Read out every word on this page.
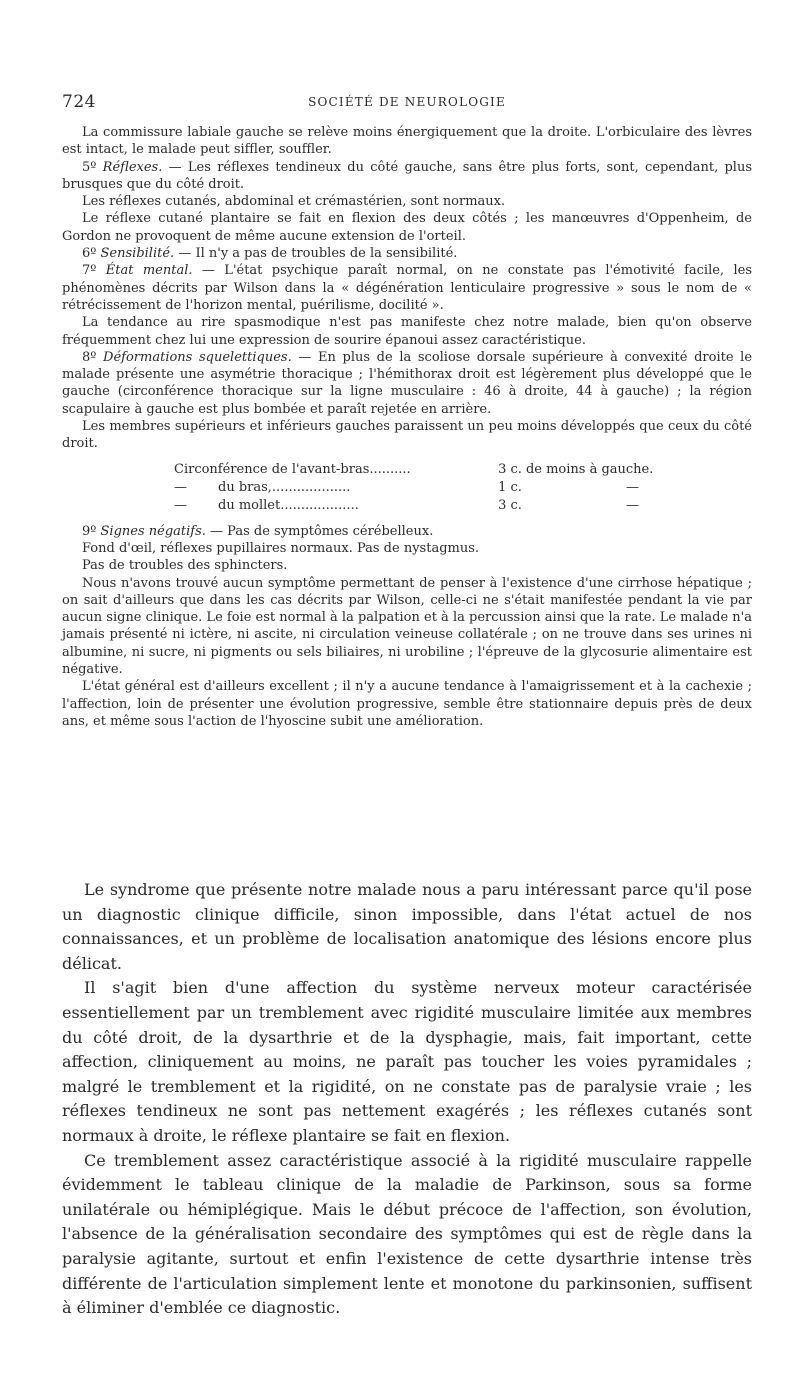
724	SOCIÉTÉ DE NEUROLOGIE

La commissure labiale gauche se relève moins énergiquement que la droite. L'orbiculaire des lèvres est intact, le malade peut siffler, souffler.

5º Réflexes. — Les réflexes tendineux du côté gauche, sans être plus forts, sont, cependant, plus brusques que du côté droit.

Les réflexes cutanés, abdominal et crémastérien, sont normaux.

Le réflexe cutané plantaire se fait en flexion des deux côtés ; les manœuvres d'Oppenheim, de Gordon ne provoquent de même aucune extension de l'orteil.

6º Sensibilité. — Il n'y a pas de troubles de la sensibilité.

7º État mental. — L'état psychique paraît normal, on ne constate pas l'émotivité facile, les phénomènes décrits par Wilson dans la « dégénération lenticulaire progressive » sous le nom de « rétrécissement de l'horizon mental, puérilisme, docilité ».

La tendance au rire spasmodique n'est pas manifeste chez notre malade, bien qu'on observe fréquemment chez lui une expression de sourire épanoui assez caractéristique.

8º Déformations squelettiques. — En plus de la scoliose dorsale supérieure à convexité droite le malade présente une asymétrie thoracique ; l'hémithorax droit est légèrement plus développé que le gauche (circonférence thoracique sur la ligne musculaire : 46 à droite, 44 à gauche) ; la région scapulaire à gauche est plus bombée et paraît rejetée en arrière.

Les membres supérieurs et inférieurs gauches paraissent un peu moins développés que ceux du côté droit.

Circonférence de l'avant-bras..........	3 c.	de moins à gauche.
— du bras,...................	1 c.	—
— du mollet...................	3 c.	—

9º Signes négatifs. — Pas de symptômes cérébelleux.

Fond d'œil, réflexes pupillaires normaux. Pas de nystagmus.

Pas de troubles des sphincters.

Nous n'avons trouvé aucun symptôme permettant de penser à l'existence d'une cirrhose hépatique ; on sait d'ailleurs que dans les cas décrits par Wilson, celle-ci ne s'était manifestée pendant la vie par aucun signe clinique. Le foie est normal à la palpation et à la percussion ainsi que la rate. Le malade n'a jamais présenté ni ictère, ni ascite, ni circulation veineuse collatérale ; on ne trouve dans ses urines ni albumine, ni sucre, ni pigments ou sels biliaires, ni urobiline ; l'épreuve de la glycosurie alimentaire est négative.

L'état général est d'ailleurs excellent ; il n'y a aucune tendance à l'amaigrissement et à la cachexie ; l'affection, loin de présenter une évolution progressive, semble être stationnaire depuis près de deux ans, et même sous l'action de l'hyoscine subit une amélioration.

Le syndrome que présente notre malade nous a paru intéressant parce qu'il pose un diagnostic clinique difficile, sinon impossible, dans l'état actuel de nos connaissances, et un problème de localisation anatomique des lésions encore plus délicat.

Il s'agit bien d'une affection du système nerveux moteur caractérisée essentiellement par un tremblement avec rigidité musculaire limitée aux membres du côté droit, de la dysarthrie et de la dysphagie, mais, fait important, cette affection, cliniquement au moins, ne paraît pas toucher les voies pyramidales ; malgré le tremblement et la rigidité, on ne constate pas de paralysie vraie ; les réflexes tendineux ne sont pas nettement exagérés ; les réflexes cutanés sont normaux à droite, le réflexe plantaire se fait en flexion.

Ce tremblement assez caractéristique associé à la rigidité musculaire rappelle évidemment le tableau clinique de la maladie de Parkinson, sous sa forme unilatérale ou hémiplégique. Mais le début précoce de l'affection, son évolution, l'absence de la généralisation secondaire des symptômes qui est de règle dans la paralysie agitante, surtout et enfin l'existence de cette dysarthrie intense très différente de l'articulation simplement lente et monotone du parkinsonien, suffisent à éliminer d'emblée ce diagnostic.
